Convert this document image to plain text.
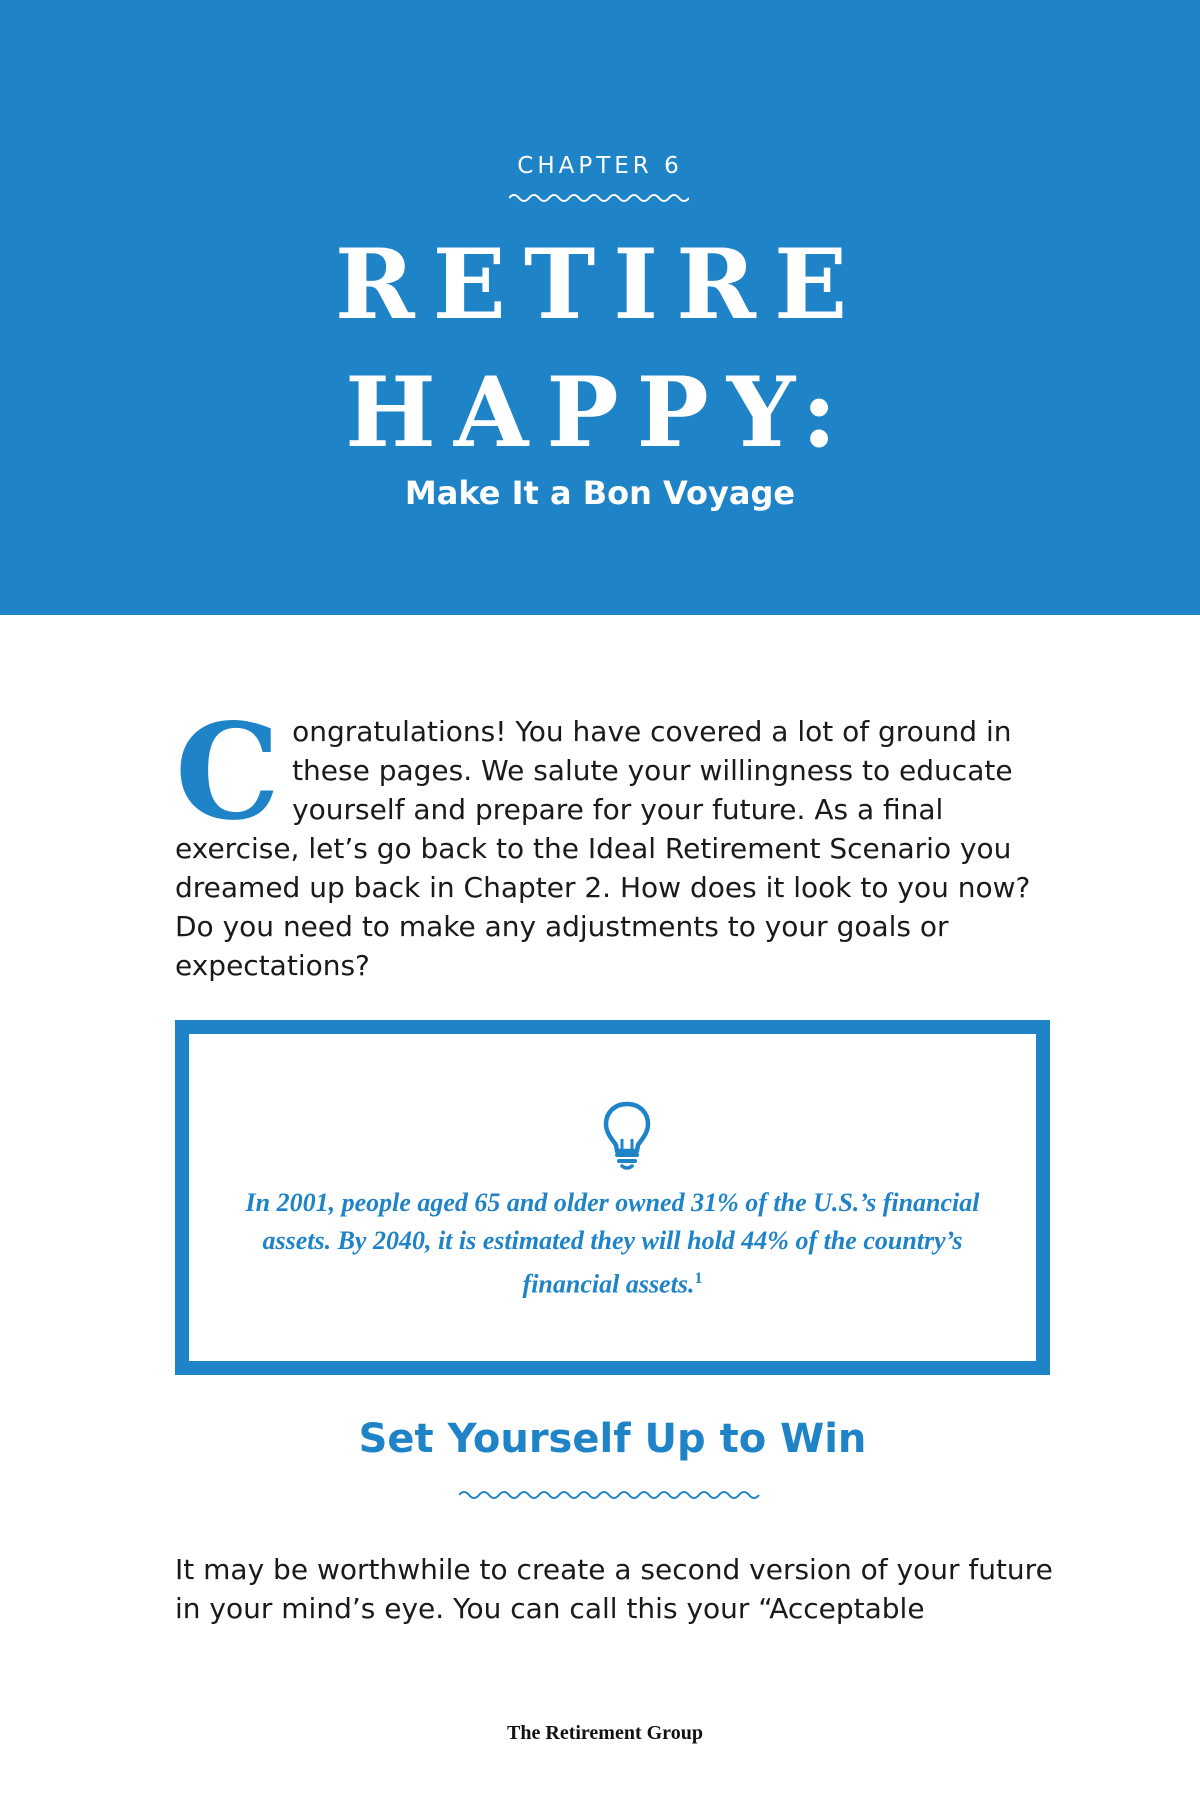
CHAPTER 6
RETIRE
HAPPY:
Make It a Bon Voyage

Congratulations! You have covered a lot of ground in these pages. We salute your willingness to educate yourself and prepare for your future. As a final exercise, let’s go back to the Ideal Retirement Scenario you dreamed up back in Chapter 2. How does it look to you now? Do you need to make any adjustments to your goals or expectations?

In 2001, people aged 65 and older owned 31% of the U.S.’s financial assets. By 2040, it is estimated they will hold 44% of the country’s financial assets.$^1$

Set Yourself Up to Win

It may be worthwhile to create a second version of your future in your mind’s eye. You can call this your “Acceptable

The Retirement Group
